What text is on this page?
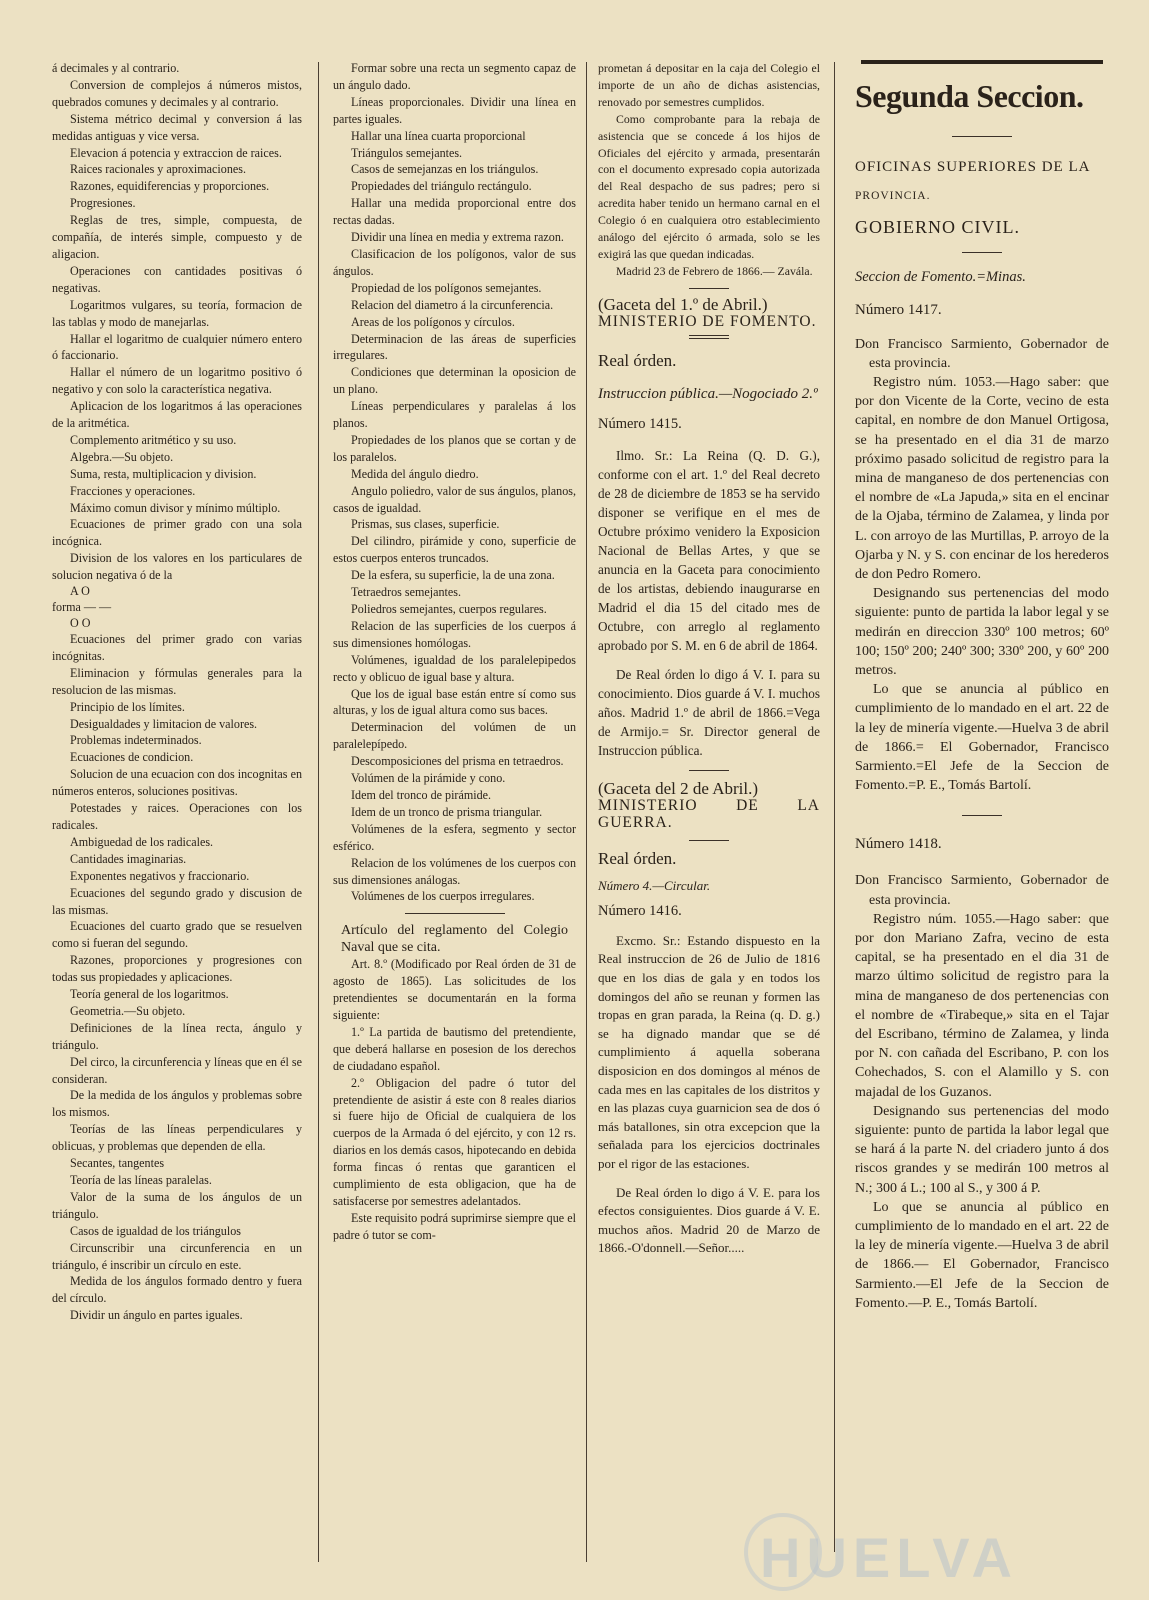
á decimales y al contrario.

Conversion de complejos á números mistos, quebrados comunes y decimales y al contrario.

Sistema métrico decimal y conversion á las medidas antiguas y vice versa.

Elevacion á potencia y extraccion de raices.

Raices racionales y aproximaciones.

Razones, equidiferencias y proporciones.

Progresiones.

Reglas de tres, simple, compuesta, de compañía, de interés simple, compuesto y de aligacion.

Operaciones con cantidades positivas ó negativas.

Logaritmos vulgares, su teoría, formacion de las tablas y modo de manejarlas.

Hallar el logaritmo de cualquier número entero ó faccionario.

Hallar el número de un logaritmo positivo ó negativo y con solo la característica negativa.

Aplicacion de los logaritmos á las operaciones de la aritmética.

Complemento aritmético y su uso.

Algebra.—Su objeto.

Suma, resta, multiplicacion y division.

Fracciones y operaciones.

Máximo comun divisor y mínimo múltiplo.

Ecuaciones de primer grado con una sola incógnica.

Division de los valores en los particulares de solucion negativa ó de la

A O

forma — —

O O

Ecuaciones del primer grado con varias incógnitas.

Eliminacion y fórmulas generales para la resolucion de las mismas.

Principio de los límites.

Desigualdades y limitacion de valores.

Problemas indeterminados.

Ecuaciones de condicion.

Solucion de una ecuacion con dos incognitas en números enteros, soluciones positivas.

Potestades y raices. Operaciones con los radicales.

Ambiguedad de los radicales.

Cantidades imaginarias.

Exponentes negativos y fraccionario.

Ecuaciones del segundo grado y discusion de las mismas.

Ecuaciones del cuarto grado que se resuelven como si fueran del segundo.

Razones, proporciones y progresiones con todas sus propiedades y aplicaciones.

Teoría general de los logaritmos.

Geometria.—Su objeto.

Definiciones de la línea recta, ángulo y triángulo.

Del circo, la circunferencia y líneas que en él se consideran.

De la medida de los ángulos y problemas sobre los mismos.

Teorías de las líneas perpendiculares y oblicuas, y problemas que dependen de ella.

Secantes, tangentes

Teoría de las líneas paralelas.

Valor de la suma de los ángulos de un triángulo.

Casos de igualdad de los triángulos

Circunscribir una circunferencia en un triángulo, é inscribir un círculo en este.

Medida de los ángulos formado dentro y fuera del círculo.

Dividir un ángulo en partes iguales.

Formar sobre una recta un segmento capaz de un ángulo dado.

Líneas proporcionales. Dividir una línea en partes iguales.

Hallar una línea cuarta proporcional

Triángulos semejantes.

Casos de semejanzas en los triángulos.

Propiedades del triángulo rectángulo.

Hallar una medida proporcional entre dos rectas dadas.

Dividir una línea en media y extrema razon.

Clasificacion de los polígonos, valor de sus ángulos.

Propiedad de los polígonos semejantes.

Relacion del diametro á la circunferencia.

Areas de los polígonos y círculos.

Determinacion de las áreas de superficies irregulares.

Condiciones que determinan la oposicion de un plano.

Líneas perpendiculares y paralelas á los planos.

Propiedades de los planos que se cortan y de los paralelos.

Medida del ángulo diedro.

Angulo poliedro, valor de sus ángulos, planos, casos de igualdad.

Prismas, sus clases, superficie.

Del cilindro, pirámide y cono, superficie de estos cuerpos enteros truncados.

De la esfera, su superficie, la de una zona.

Tetraedros semejantes.

Poliedros semejantes, cuerpos regulares.

Relacion de las superficies de los cuerpos á sus dimensiones homólogas.

Volúmenes, igualdad de los paralelepipedos recto y oblicuo de igual base y altura.

Que los de igual base están entre sí como sus alturas, y los de igual altura como sus baces.

Determinacion del volúmen de un paralelepípedo.

Descomposiciones del prisma en tetraedros.

Volúmen de la pirámide y cono.

Idem del tronco de pirámide.

Idem de un tronco de prisma triangular.

Volúmenes de la esfera, segmento y sector esférico.

Relacion de los volúmenes de los cuerpos con sus dimensiones análogas.

Volúmenes de los cuerpos irregulares.

Artículo del reglamento del Colegio Naval que se cita.

Art. 8.º (Modificado por Real órden de 31 de agosto de 1865). Las solicitudes de los pretendientes se documentarán en la forma siguiente:

1.º La partida de bautismo del pretendiente, que deberá hallarse en posesion de los derechos de ciudadano español.

2.º Obligacion del padre ó tutor del pretendiente de asistir á este con 8 reales diarios si fuere hijo de Oficial de cualquiera de los cuerpos de la Armada ó del ejército, y con 12 rs. diarios en los demás casos, hipotecando en debida forma fincas ó rentas que garanticen el cumplimiento de esta obligacion, que ha de satisfacerse por semestres adelantados.

Este requisito podrá suprimirse siempre que el padre ó tutor se com-

prometan á depositar en la caja del Colegio el importe de un año de dichas asistencias, renovado por semestres cumplidos.

Como comprobante para la rebaja de asistencia que se concede á los hijos de Oficiales del ejército y armada, presentarán con el documento expresado copia autorizada del Real despacho de sus padres; pero si acredita haber tenido un hermano carnal en el Colegio ó en cualquiera otro establecimiento análogo del ejército ó armada, solo se les exigirá las que quedan indicadas.

Madrid 23 de Febrero de 1866.— Zavála.

(Gaceta del 1.º de Abril.)

MINISTERIO DE FOMENTO.

Real órden.

Instruccion pública.—Nogociado 2.º

Número 1415.

Ilmo. Sr.: La Reina (Q. D. G.), conforme con el art. 1.º del Real decreto de 28 de diciembre de 1853 se ha servido disponer se verifique en el mes de Octubre próximo venidero la Exposicion Nacional de Bellas Artes, y que se anuncia en la Gaceta para conocimiento de los artistas, debiendo inaugurarse en Madrid el dia 15 del citado mes de Octubre, con arreglo al reglamento aprobado por S. M. en 6 de abril de 1864.

De Real órden lo digo á V. I. para su conocimiento. Dios guarde á V. I. muchos años. Madrid 1.º de abril de 1866.=Vega de Armijo.= Sr. Director general de Instruccion pública.

(Gaceta del 2 de Abril.)

MINISTERIO DE LA GUERRA.

Real órden.

Número 4.—Circular.

Número 1416.

Excmo. Sr.: Estando dispuesto en la Real instruccion de 26 de Julio de 1816 que en los dias de gala y en todos los domingos del año se reunan y formen las tropas en gran parada, la Reina (q. D. g.) se ha dignado mandar que se dé cumplimiento á aquella soberana disposicion en dos domingos al ménos de cada mes en las capitales de los distritos y en las plazas cuya guarnicion sea de dos ó más batallones, sin otra excepcion que la señalada para los ejercicios doctrinales por el rigor de las estaciones.

De Real órden lo digo á V. E. para los efectos consiguientes. Dios guarde á V. E. muchos años. Madrid 20 de Marzo de 1866.-O'donnell.—Señor.....

Segunda Seccion.

OFICINAS SUPERIORES DE LA

PROVINCIA.

GOBIERNO CIVIL.

Seccion de Fomento.=Minas.

Número 1417.

Don Francisco Sarmiento, Gobernador de esta provincia.

Registro núm. 1053.—Hago saber: que por don Vicente de la Corte, vecino de esta capital, en nombre de don Manuel Ortigosa, se ha presentado en el dia 31 de marzo próximo pasado solicitud de registro para la mina de manganeso de dos pertenencias con el nombre de «La Japuda,» sita en el encinar de la Ojaba, término de Zalamea, y linda por L. con arroyo de las Murtillas, P. arroyo de la Ojarba y N. y S. con encinar de los herederos de don Pedro Romero.

Designando sus pertenencias del modo siguiente: punto de partida la labor legal y se medirán en direccion 330º 100 metros; 60º 100; 150º 200; 240º 300; 330º 200, y 60º 200 metros.

Lo que se anuncia al público en cumplimiento de lo mandado en el art. 22 de la ley de minería vigente.—Huelva 3 de abril de 1866.= El Gobernador, Francisco Sarmiento.=El Jefe de la Seccion de Fomento.=P. E., Tomás Bartolí.

Número 1418.

Don Francisco Sarmiento, Gobernador de esta provincia.

Registro núm. 1055.—Hago saber: que por don Mariano Zafra, vecino de esta capital, se ha presentado en el dia 31 de marzo último solicitud de registro para la mina de manganeso de dos pertenencias con el nombre de «Tirabeque,» sita en el Tajar del Escribano, término de Zalamea, y linda por N. con cañada del Escribano, P. con los Cohechados, S. con el Alamillo y S. con majadal de los Guzanos.

Designando sus pertenencias del modo siguiente: punto de partida la labor legal que se hará á la parte N. del criadero junto á dos riscos grandes y se medirán 100 metros al N.; 300 á L.; 100 al S., y 300 á P.

Lo que se anuncia al público en cumplimiento de lo mandado en el art. 22 de la ley de minería vigente.—Huelva 3 de abril de 1866.— El Gobernador, Francisco Sarmiento.—El Jefe de la Seccion de Fomento.—P. E., Tomás Bartolí.

HUELVA
